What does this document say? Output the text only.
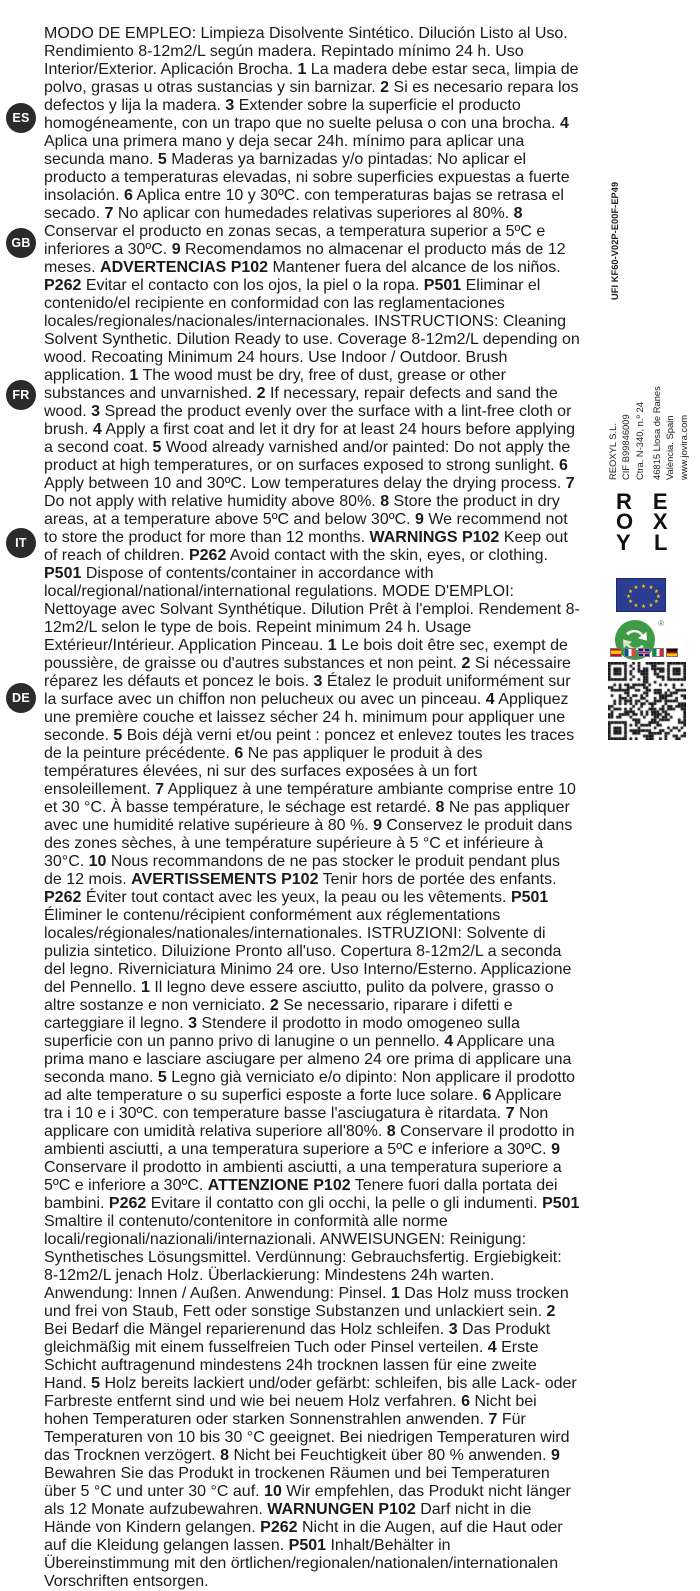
ES
GB
FR
IT
DE
MODO DE EMPLEO: Limpieza Disolvente Sintético. Dilución Listo al Uso. Rendimiento 8-12m2/L según madera. Repintado mínimo 24 h. Uso Interior/Exterior. Aplicación Brocha. 1 La madera debe estar seca, limpia de polvo, grasas u otras sustancias y sin barnizar. 2 Si es necesario repara los defectos y lija la madera. 3 Extender sobre la superficie el producto homogéneamente, con un trapo que no suelte pelusa o con una brocha. 4 Aplica una primera mano y deja secar 24h. mínimo para aplicar una secunda mano. 5 Maderas ya barnizadas y/o pintadas: No aplicar el producto a temperaturas elevadas, ni sobre superficies expuestas a fuerte insolación. 6 Aplica entre 10 y 30ºC. con temperaturas bajas se retrasa el secado. 7 No aplicar con humedades relativas superiores al 80%. 8 Conservar el producto en zonas secas, a temperatura superior a 5ºC e inferiores a 30ºC. 9 Recomendamos no almacenar el producto más de 12 meses. ADVERTENCIAS P102 Mantener fuera del alcance de los niños. P262 Evitar el contacto con los ojos, la piel o la ropa. P501 Eliminar el contenido/el recipiente en conformidad con las reglamentaciones locales/regionales/nacionales/internacionales. INSTRUCTIONS: Cleaning Solvent Synthetic. Dilution Ready to use. Coverage 8-12m2/L depending on wood. Recoating Minimum 24 hours. Use Indoor / Outdoor. Brush application. 1 The wood must be dry, free of dust, grease or other substances and unvarnished. 2 If necessary, repair defects and sand the wood. 3 Spread the product evenly over the surface with a lint-free cloth or brush. 4 Apply a first coat and let it dry for at least 24 hours before applying a second coat. 5 Wood already varnished and/or painted: Do not apply the product at high temperatures, or on surfaces exposed to strong sunlight. 6 Apply between 10 and 30ºC. Low temperatures delay the drying process. 7 Do not apply with relative humidity above 80%. 8 Store the product in dry areas, at a temperature above 5ºC and below 30ºC. 9 We recommend not to store the product for more than 12 months. WARNINGS P102 Keep out of reach of children. P262 Avoid contact with the skin, eyes, or clothing. P501 Dispose of contents/container in accordance with local/regional/national/international regulations. MODE D'EMPLOI: Nettoyage avec Solvant Synthétique. Dilution Prêt à l'emploi. Rendement 8-12m2/L selon le type de bois. Repeint minimum 24 h. Usage Extérieur/Intérieur. Application Pinceau. 1 Le bois doit être sec, exempt de poussière, de graisse ou d'autres substances et non peint. 2 Si nécessaire réparez les défauts et poncez le bois. 3 Étalez le produit uniformément sur la surface avec un chiffon non pelucheux ou avec un pinceau. 4 Appliquez une première couche et laissez sécher 24 h. minimum pour appliquer une seconde. 5 Bois déjà verni et/ou peint : poncez et enlevez toutes les traces de la peinture précédente. 6 Ne pas appliquer le produit à des températures élevées, ni sur des surfaces exposées à un fort ensoleillement. 7 Appliquez à une température ambiante comprise entre 10 et 30 °C. À basse température, le séchage est retardé. 8 Ne pas appliquer avec une humidité relative supérieure à 80 %. 9 Conservez le produit dans des zones sèches, à une température supérieure à 5 °C et inférieure à 30°C. 10 Nous recommandons de ne pas stocker le produit pendant plus de 12 mois. AVERTISSEMENTS P102 Tenir hors de portée des enfants. P262 Éviter tout contact avec les yeux, la peau ou les vêtements. P501 Éliminer le contenu/récipient conformément aux réglementations locales/régionales/nationales/internationales. ISTRUZIONI: Solvente di pulizia sintetico. Diluizione Pronto all'uso. Copertura 8-12m2/L a seconda del legno. Riverniciatura Minimo 24 ore. Uso Interno/Esterno. Applicazione del Pennello. 1 Il legno deve essere asciutto, pulito da polvere, grasso o altre sostanze e non verniciato. 2 Se necessario, riparare i difetti e carteggiare il legno. 3 Stendere il prodotto in modo omogeneo sulla superficie con un panno privo di lanugine o un pennello. 4 Applicare una prima mano e lasciare asciugare per almeno 24 ore prima di applicare una seconda mano. 5 Legno già verniciato e/o dipinto: Non applicare il prodotto ad alte temperature o su superfici esposte a forte luce solare. 6 Applicare tra i 10 e i 30ºC. con temperature basse l'asciugatura è ritardata. 7 Non applicare con umidità relativa superiore all'80%. 8 Conservare il prodotto in ambienti asciutti, a una temperatura superiore a 5ºC e inferiore a 30ºC. 9 Conservare il prodotto in ambienti asciutti, a una temperatura superiore a 5ºC e inferiore a 30ºC. ATTENZIONE P102 Tenere fuori dalla portata dei bambini. P262 Evitare il contatto con gli occhi, la pelle o gli indumenti. P501 Smaltire il contenuto/contenitore in conformità alle norme locali/regionali/nazionali/internazionali. ANWEISUNGEN: Reinigung: Synthetisches Lösungsmittel. Verdünnung: Gebrauchsfertig. Ergiebigkeit: 8-12m2/L jenach Holz. Überlackierung: Mindestens 24h warten. Anwendung: Innen / Außen. Anwendung: Pinsel. 1 Das Holz muss trocken und frei von Staub, Fett oder sonstige Substanzen und unlackiert sein. 2 Bei Bedarf die Mängel reparierenund das Holz schleifen. 3 Das Produkt gleichmäßig mit einem fusselfreien Tuch oder Pinsel verteilen. 4 Erste Schicht auftragenund mindestens 24h trocknen lassen für eine zweite Hand. 5 Holz bereits lackiert und/oder gefärbt: schleifen, bis alle Lack- oder Farbreste entfernt sind und wie bei neuem Holz verfahren. 6 Nicht bei hohen Temperaturen oder starken Sonnenstrahlen anwenden. 7 Für Temperaturen von 10 bis 30 °C geeignet. Bei niedrigen Temperaturen wird das Trocknen verzögert. 8 Nicht bei Feuchtigkeit über 80 % anwenden. 9 Bewahren Sie das Produkt in trockenen Räumen und bei Temperaturen über 5 °C und unter 30 °C auf. 10 Wir empfehlen, das Produkt nicht länger als 12 Monate aufzubewahren. WARNUNGEN P102 Darf nicht in die Hände von Kindern gelangen. P262 Nicht in die Augen, auf die Haut oder auf die Kleidung gelangen lassen. P501 Inhalt/Behälter in Übereinstimmung mit den örtlichen/regionalen/nationalen/internationalen Vorschriften entsorgen.
UFI KF60-V02P-E00F-EP49
REOXYL S.L. CIF B99846009 Ctra. N-340, n.º 24 46815 Llosa de Ranes València. Spain www.jovira.com
R E
O X
Y L
★ ★
★
★
★
★
★
★
★
★
★
★
®
